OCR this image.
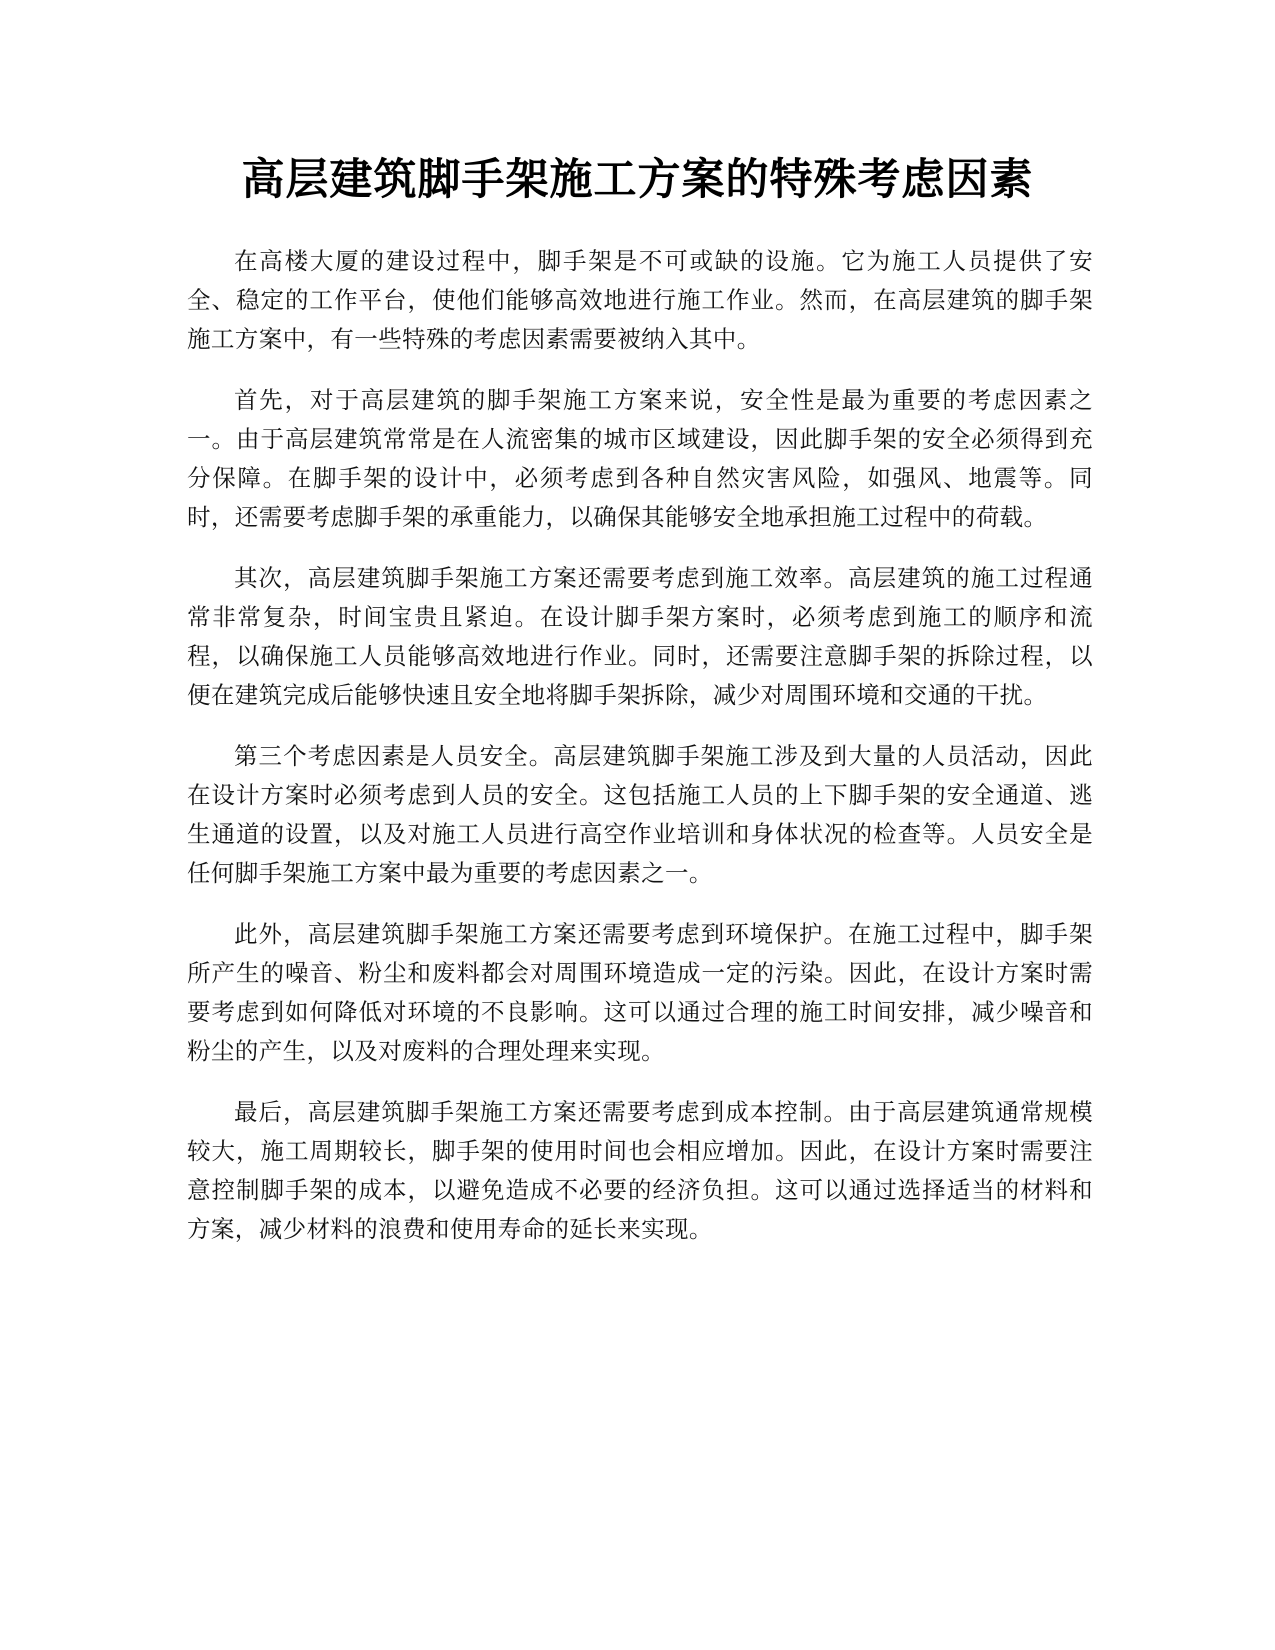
高层建筑脚手架施工方案的特殊考虑因素

在高楼大厦的建设过程中，脚手架是不可或缺的设施。它为施工人员提供了安全、稳定的工作平台，使他们能够高效地进行施工作业。然而，在高层建筑的脚手架施工方案中，有一些特殊的考虑因素需要被纳入其中。

首先，对于高层建筑的脚手架施工方案来说，安全性是最为重要的考虑因素之一。由于高层建筑常常是在人流密集的城市区域建设，因此脚手架的安全必须得到充分保障。在脚手架的设计中，必须考虑到各种自然灾害风险，如强风、地震等。同时，还需要考虑脚手架的承重能力，以确保其能够安全地承担施工过程中的荷载。

其次，高层建筑脚手架施工方案还需要考虑到施工效率。高层建筑的施工过程通常非常复杂，时间宝贵且紧迫。在设计脚手架方案时，必须考虑到施工的顺序和流程，以确保施工人员能够高效地进行作业。同时，还需要注意脚手架的拆除过程，以便在建筑完成后能够快速且安全地将脚手架拆除，减少对周围环境和交通的干扰。

第三个考虑因素是人员安全。高层建筑脚手架施工涉及到大量的人员活动，因此在设计方案时必须考虑到人员的安全。这包括施工人员的上下脚手架的安全通道、逃生通道的设置，以及对施工人员进行高空作业培训和身体状况的检查等。人员安全是任何脚手架施工方案中最为重要的考虑因素之一。

此外，高层建筑脚手架施工方案还需要考虑到环境保护。在施工过程中，脚手架所产生的噪音、粉尘和废料都会对周围环境造成一定的污染。因此，在设计方案时需要考虑到如何降低对环境的不良影响。这可以通过合理的施工时间安排，减少噪音和粉尘的产生，以及对废料的合理处理来实现。

最后，高层建筑脚手架施工方案还需要考虑到成本控制。由于高层建筑通常规模较大，施工周期较长，脚手架的使用时间也会相应增加。因此，在设计方案时需要注意控制脚手架的成本，以避免造成不必要的经济负担。这可以通过选择适当的材料和方案，减少材料的浪费和使用寿命的延长来实现。
